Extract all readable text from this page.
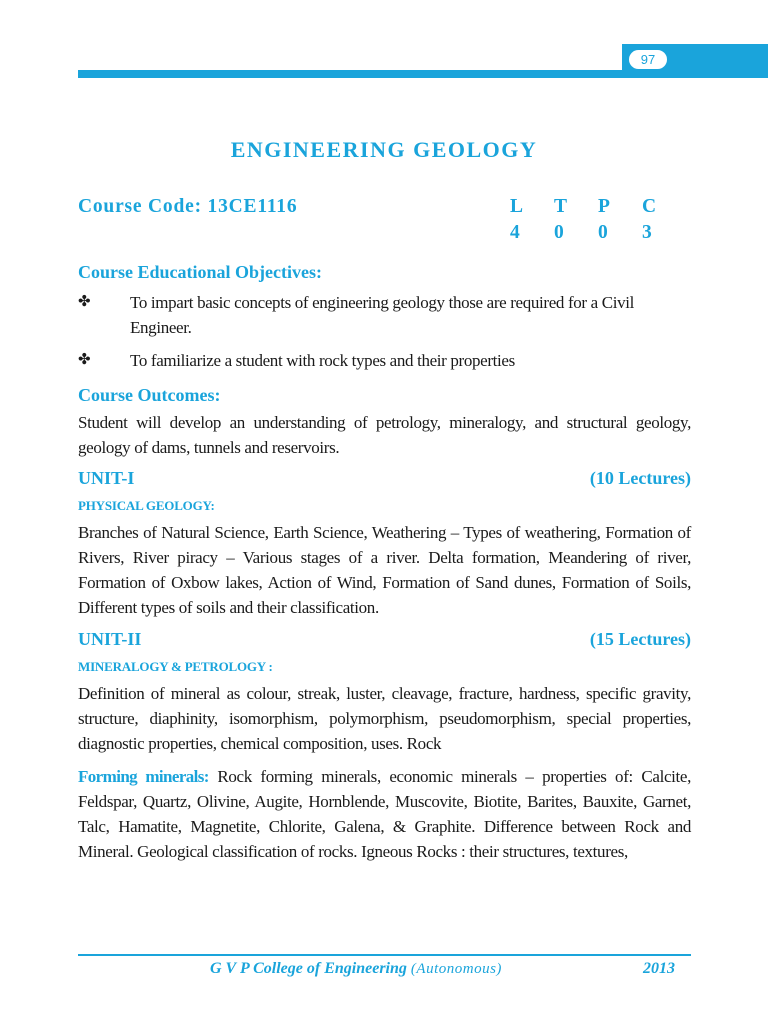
97
ENGINEERING GEOLOGY
Course Code: 13CE1116	L	T	P	C
4	0	0	3
Course Educational Objectives:
✤ To impart basic concepts of engineering geology those are required for a Civil Engineer.
✤ To familiarize a student with rock types and their properties
Course Outcomes:
Student will develop an understanding of petrology, mineralogy, and structural geology, geology of dams, tunnels and reservoirs.
UNIT-I	(10 Lectures)
PHYSICAL GEOLOGY:
Branches of Natural Science, Earth Science, Weathering – Types of weathering, Formation of Rivers, River piracy – Various stages of a river. Delta formation, Meandering of river, Formation of Oxbow lakes, Action of Wind, Formation of Sand dunes, Formation of Soils, Different types of soils and their classification.
UNIT-II	(15 Lectures)
MINERALOGY & PETROLOGY :
Definition of mineral as colour, streak, luster, cleavage, fracture, hardness, specific gravity, structure, diaphinity, isomorphism, polymorphism, pseudomorphism, special properties, diagnostic properties, chemical composition, uses. Rock
Forming minerals: Rock forming minerals, economic minerals – properties of: Calcite, Feldspar, Quartz, Olivine, Augite, Hornblende, Muscovite, Biotite, Barites, Bauxite, Garnet, Talc, Hamatite, Magnetite, Chlorite, Galena, & Graphite. Difference between Rock and Mineral. Geological classification of rocks. Igneous Rocks : their structures, textures,
G V P College of Engineering (Autonomous)	2013
